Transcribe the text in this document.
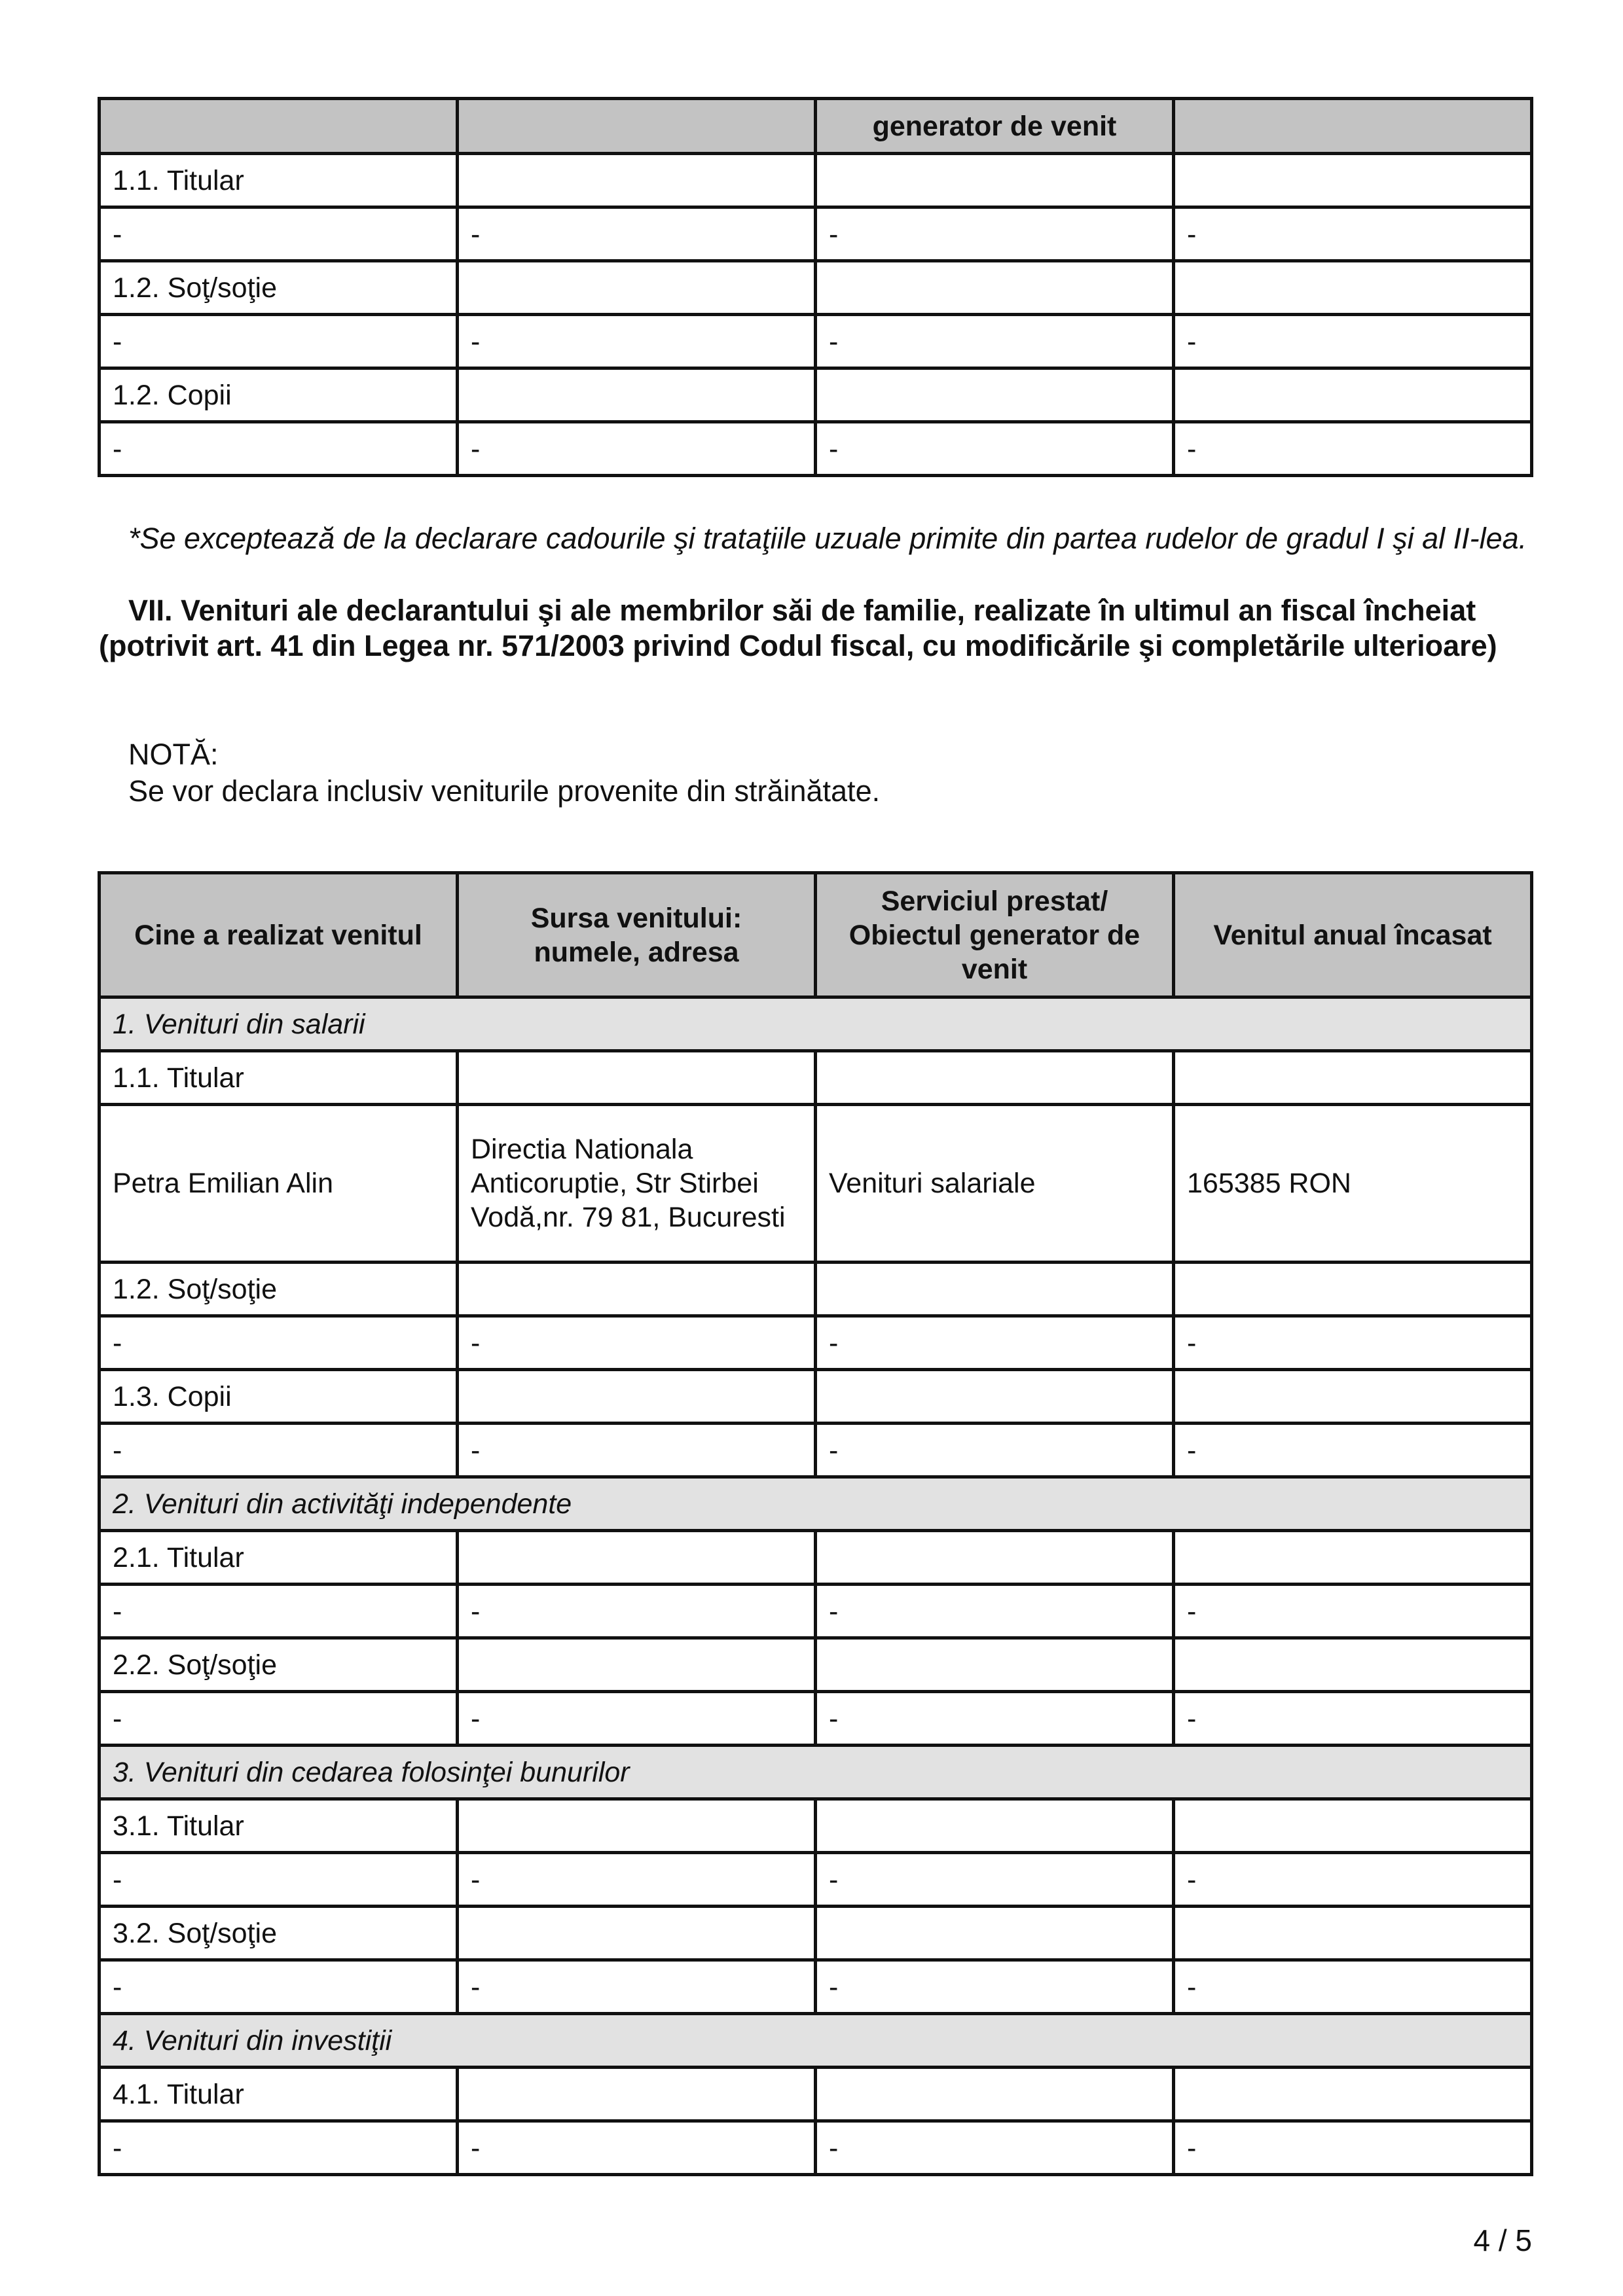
		generator de venit	
1.1. Titular			
-	-	-	-
1.2. Soţ/soţie			
-	-	-	-
1.2. Copii			
-	-	-	-
*Se exceptează de la declarare cadourile şi trataţiile uzuale primite din partea rudelor de gradul I şi al II-lea.
VII. Venituri ale declarantului şi ale membrilor săi de familie, realizate în ultimul an fiscal încheiat (potrivit art. 41 din Legea nr. 571/2003 privind Codul fiscal, cu modificările şi completările ulterioare)
NOTĂ:
Se vor declara inclusiv veniturile provenite din străinătate.
Cine a realizat venitul	Sursa venitului: numele, adresa	Serviciul prestat/ Obiectul generator de venit	Venitul anual încasat
1. Venituri din salarii			
1.1. Titular			
Petra Emilian Alin	Directia Nationala Anticoruptie, Str Stirbei Vodă,nr. 79 81, Bucuresti	Venituri salariale	165385 RON
1.2. Soţ/soţie			
-	-	-	-
1.3. Copii			
-	-	-	-
2. Venituri din activităţi independente			
2.1. Titular			
-	-	-	-
2.2. Soţ/soţie			
-	-	-	-
3. Venituri din cedarea folosinţei bunurilor			
3.1. Titular			
-	-	-	-
3.2. Soţ/soţie			
-	-	-	-
4. Venituri din investiţii			
4.1. Titular			
-	-	-	-
4 / 5
